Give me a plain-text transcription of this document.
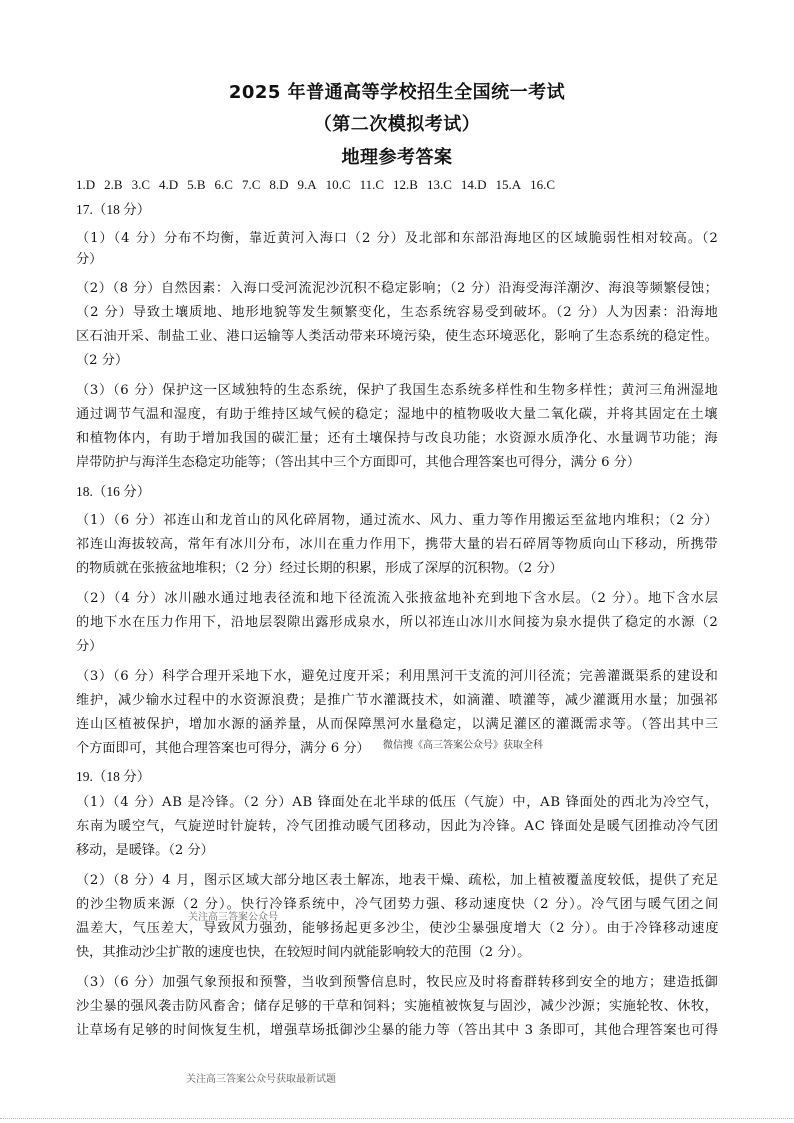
2025 年普通高等学校招生全国统一考试
（第二次模拟考试）
地理参考答案
1.D 2.B 3.C 4.D 5.B 6.C 7.C 8.D 9.A 10.C 11.C 12.B 13.C 14.D 15.A 16.C
17.（18 分）
（1）（4 分）分布不均衡，靠近黄河入海口（2 分）及北部和东部沿海地区的区域脆弱性相对较高。（2
分）
（2）（8 分）自然因素：入海口受河流泥沙沉积不稳定影响；（2 分）沿海受海洋潮汐、海浪等频繁侵蚀；
（2 分）导致土壤质地、地形地貌等发生频繁变化，生态系统容易受到破坏。（2 分）人为因素：沿海地
区石油开采、制盐工业、港口运输等人类活动带来环境污染，使生态环境恶化，影响了生态系统的稳定性。
（2 分）
（3）（6 分）保护这一区域独特的生态系统，保护了我国生态系统多样性和生物多样性；黄河三角洲湿地
通过调节气温和湿度，有助于维持区域气候的稳定；湿地中的植物吸收大量二氧化碳，并将其固定在土壤
和植物体内，有助于增加我国的碳汇量；还有土壤保持与改良功能；水资源水质净化、水量调节功能；海
岸带防护与海洋生态稳定功能等；（答出其中三个方面即可，其他合理答案也可得分，满分 6 分）
18.（16 分）
（1）（6 分）祁连山和龙首山的风化碎屑物，通过流水、风力、重力等作用搬运至盆地内堆积；（2 分）
祁连山海拔较高，常年有冰川分布，冰川在重力作用下，携带大量的岩石碎屑等物质向山下移动，所携带
的物质就在张掖盆地堆积；（2 分）经过长期的积累，形成了深厚的沉积物。（2 分）
（2）（4 分）冰川融水通过地表径流和地下径流流入张掖盆地补充到地下含水层。（2 分）。地下含水层
的地下水在压力作用下，沿地层裂隙出露形成泉水，所以祁连山冰川水间接为泉水提供了稳定的水源（2
分）
（3）（6 分）科学合理开采地下水，避免过度开采；利用黑河干支流的河川径流；完善灌溉渠系的建设和
维护，减少输水过程中的水资源浪费；是推广节水灌溉技术，如滴灌、喷灌等，减少灌溉用水量；加强祁
连山区植被保护，增加水源的涵养量，从而保障黑河水量稳定，以满足灌区的灌溉需求等。（答出其中三
个方面即可，其他合理答案也可得分，满分 6 分）
19.（18 分）
（1）（4 分）AB 是冷锋。（2 分）AB 锋面处在北半球的低压（气旋）中，AB 锋面处的西北为冷空气，
东南为暖空气，气旋逆时针旋转，冷气团推动暖气团移动，因此为冷锋。AC 锋面处是暖气团推动冷气团
移动，是暖锋。（2 分）
（2）（8 分）4 月，图示区域大部分地区表土解冻，地表干燥、疏松，加上植被覆盖度较低，提供了充足
的沙尘物质来源（2 分）。快行冷锋系统中，冷气团势力强、移动速度快（2 分）。冷气团与暖气团之间
温差大，气压差大，导致风力强劲，能够扬起更多沙尘，使沙尘暴强度增大（2 分）。由于冷锋移动速度
快，其推动沙尘扩散的速度也快，在较短时间内就能影响较大的范围（2 分）。
（3）（6 分）加强气象预报和预警，当收到预警信息时，牧民应及时将畜群转移到安全的地方；建造抵御
沙尘暴的强风袭击防风畜舍；储存足够的干草和饲料；实施植被恢复与固沙，减少沙源；实施轮牧、休牧，
让草场有足够的时间恢复生机，增强草场抵御沙尘暴的能力等（答出其中 3 条即可，其他合理答案也可得
微信搜《高三答案公众号》获取全科
关注高三答案公众号
关注高三答案公众号获取最新试题
